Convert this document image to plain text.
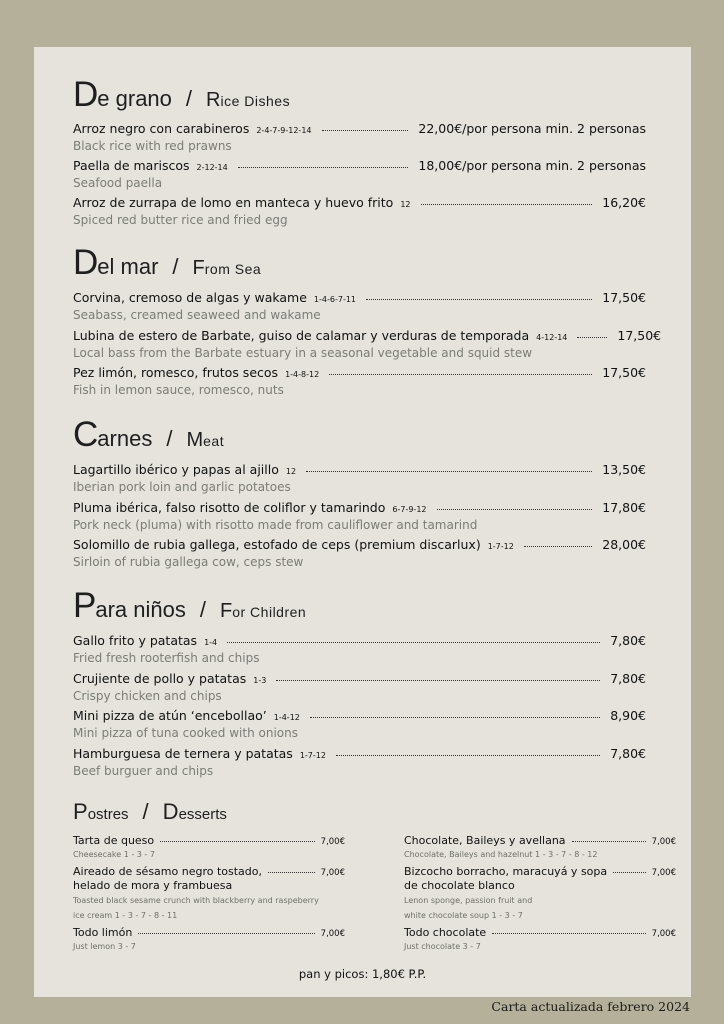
De grano / Rice Dishes
Arroz negro con carabineros 2-4-7-9-12-14	22,00€/por persona min. 2 personas
Black rice with red prawns
Paella de mariscos 2-12-14	18,00€/por persona min. 2 personas
Seafood paella
Arroz de zurrapa de lomo en manteca y huevo frito 12	16,20€
Spiced red butter rice and fried egg
Del mar / From Sea
Corvina, cremoso de algas y wakame 1-4-6-7-11	17,50€
Seabass, creamed seaweed and wakame
Lubina de estero de Barbate, guiso de calamar y verduras de temporada 4-12-14	17,50€
Local bass from the Barbate estuary in a seasonal vegetable and squid stew
Pez limón, romesco, frutos secos 1-4-8-12	17,50€
Fish in lemon sauce, romesco, nuts
Carnes / Meat
Lagartillo ibérico y papas al ajillo 12	13,50€
Iberian pork loin and garlic potatoes
Pluma ibérica, falso risotto de coliflor y tamarindo 6-7-9-12	17,80€
Pork neck (pluma) with risotto made from cauliflower and tamarind
Solomillo de rubia gallega, estofado de ceps (premium discarlux) 1-7-12	28,00€
Sirloin of rubia gallega cow, ceps stew
Para niños / For Children
Gallo frito y patatas 1-4	7,80€
Fried fresh rooterfish and chips
Crujiente de pollo y patatas 1-3	7,80€
Crispy chicken and chips
Mini pizza de atún ‘encebollao’ 1-4-12	8,90€
Mini pizza of tuna cooked with onions
Hamburguesa de ternera y patatas 1-7-12	7,80€
Beef burguer and chips
Postres / Desserts
Tarta de queso	7,00€
Cheesecake 1 - 3 - 7
Aireado de sésamo negro tostado,	7,00€
helado de mora y frambuesa
Toasted black sesame crunch with blackberry and raspeberry
ice cream 1 - 3 - 7 - 8 - 11
Todo limón	7,00€
Just lemon 3 - 7
Chocolate, Baileys y avellana	7,00€
Chocolate, Baileys and hazelnut 1 - 3 - 7 - 8 - 12
Bizcocho borracho, maracuyá y sopa	7,00€
de chocolate blanco
Lenon sponge, passion fruit and
white chocolate soup 1 - 3 - 7
Todo chocolate	7,00€
Just chocolate 3 - 7
pan y picos: 1,80€ P.P.
Carta actualizada febrero 2024
